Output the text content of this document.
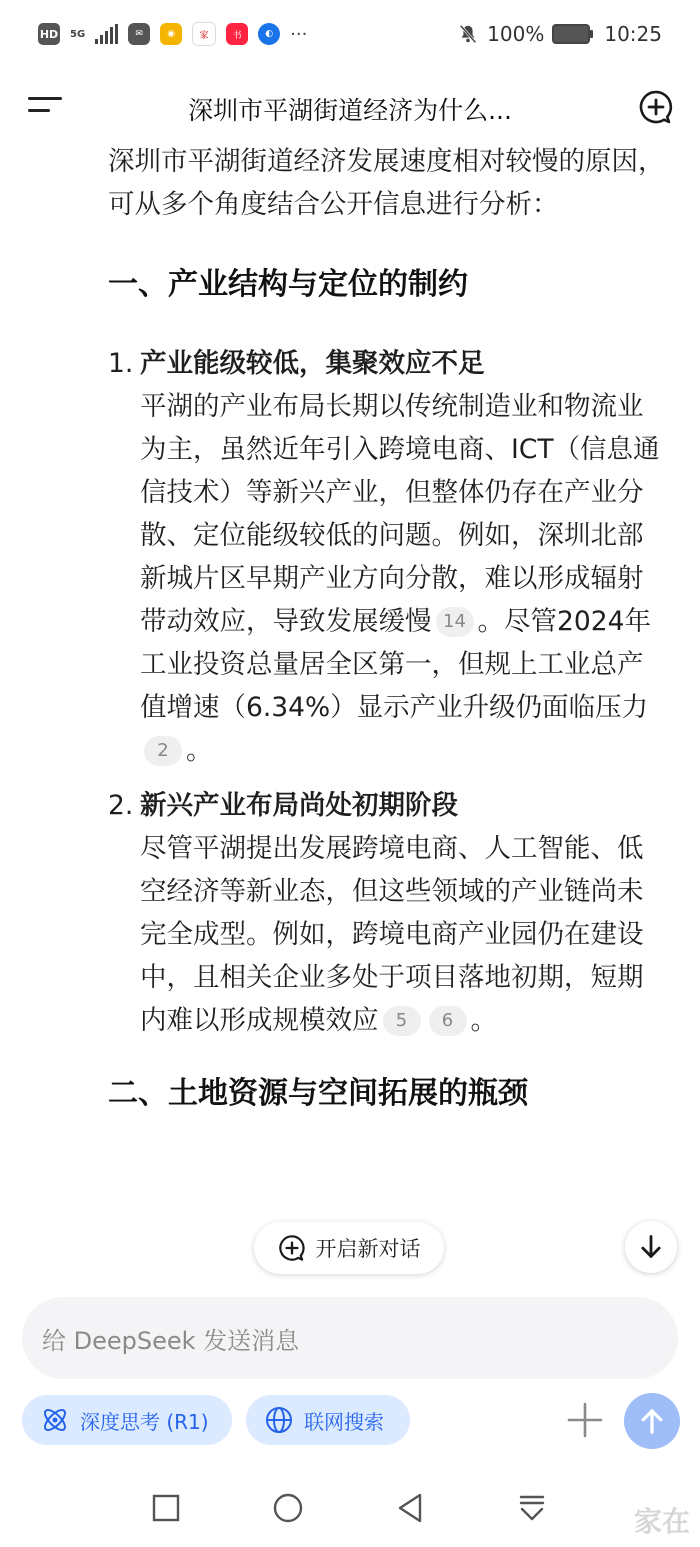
HD 5G	✉	◉	家	书	◐ ···	100%	10:25
深圳市平湖街道经济为什么...

深圳市平湖街道经济发展速度相对较慢的原因，可从多个角度结合公开信息进行分析：

一、产业结构与定位的制约
1. 产业能级较低，集聚效应不足
平湖的产业布局长期以传统制造业和物流业为主，虽然近年引入跨境电商、ICT（信息通信技术）等新兴产业，但整体仍存在产业分散、定位能级较低的问题。例如，深圳北部新城片区早期产业方向分散，难以形成辐射带动效应，导致发展缓慢 14 。尽管2024年工业投资总量居全区第一，但规上工业总产值增速（6.34%）显示产业升级仍面临压力2 。
2. 新兴产业布局尚处初期阶段
尽管平湖提出发展跨境电商、人工智能、低空经济等新业态，但这些领域的产业链尚未完全成型。例如，跨境电商产业园仍在建设中，且相关企业多处于项目落地初期，短期内难以形成规模效应 5 6 。
二、土地资源与空间拓展的瓶颈
开启新对话
给 DeepSeek 发送消息
深度思考 (R1)	联网搜索
家在
